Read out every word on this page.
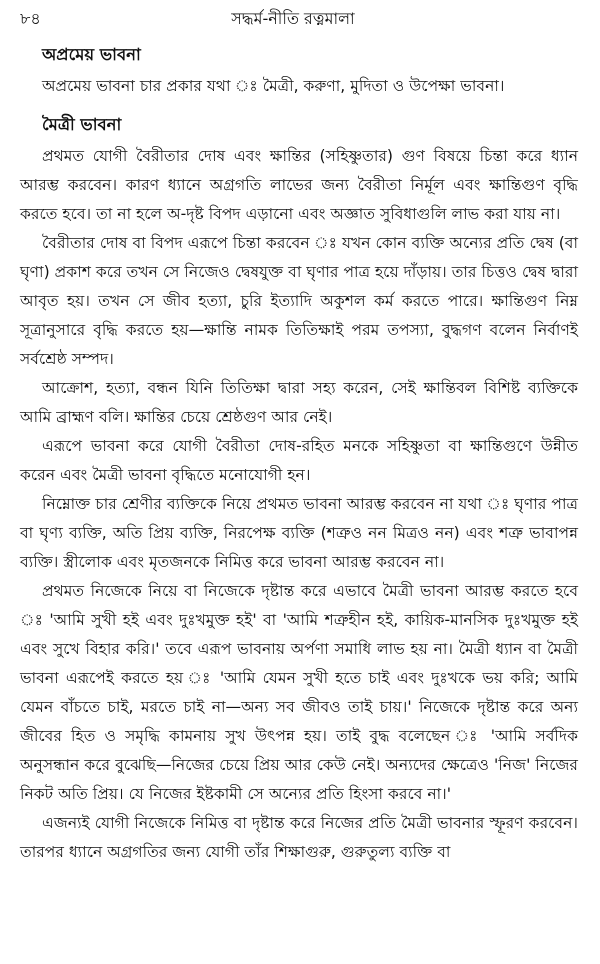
৮৪	সদ্ধর্ম-নীতি রত্নমালা
অপ্রমেয় ভাবনা

অপ্রমেয় ভাবনা চার প্রকার যথা ঃ মৈত্রী, করুণা, মুদিতা ও উপেক্ষা ভাবনা।

মৈত্রী ভাবনা

প্রথমত যোগী বৈরীতার দোষ এবং ক্ষান্তির (সহিষ্ণুতার) গুণ বিষয়ে চিন্তা করে ধ্যান আরম্ভ করবেন। কারণ ধ্যানে অগ্রগতি লাভের জন্য বৈরীতা নির্মূল এবং ক্ষান্তিগুণ বৃদ্ধি করতে হবে। তা না হলে অ-দৃষ্ট বিপদ এড়ানো এবং অজ্ঞাত সুবিধাগুলি লাভ করা যায় না।

বৈরীতার দোষ বা বিপদ এরূপে চিন্তা করবেন ঃ যখন কোন ব্যক্তি অন্যের প্রতি দ্বেষ (বা ঘৃণা) প্রকাশ করে তখন সে নিজেও দ্বেষযুক্ত বা ঘৃণার পাত্র হয়ে দাঁড়ায়। তার চিত্তও দ্বেষ দ্বারা আবৃত হয়। তখন সে জীব হত্যা, চুরি ইত্যাদি অকুশল কর্ম করতে পারে। ক্ষান্তিগুণ নিম্ন সূত্রানুসারে বৃদ্ধি করতে হয়—ক্ষান্তি নামক তিতিক্ষাই পরম তপস্যা, বুদ্ধগণ বলেন নির্বাণই সর্বশ্রেষ্ঠ সম্পদ।

আক্রোশ, হত্যা, বন্ধন যিনি তিতিক্ষা দ্বারা সহ্য করেন, সেই ক্ষান্তিবল বিশিষ্ট ব্যক্তিকে আমি ব্রাহ্মণ বলি। ক্ষান্তির চেয়ে শ্রেষ্ঠগুণ আর নেই।

এরূপে ভাবনা করে যোগী বৈরীতা দোষ-রহিত মনকে সহিষ্ণুতা বা ক্ষান্তিগুণে উন্নীত করেন এবং মৈত্রী ভাবনা বৃদ্ধিতে মনোযোগী হন।

নিম্নোক্ত চার শ্রেণীর ব্যক্তিকে নিয়ে প্রথমত ভাবনা আরম্ভ করবেন না যথা ঃ ঘৃণার পাত্র বা ঘৃণ্য ব্যক্তি, অতি প্রিয় ব্যক্তি, নিরপেক্ষ ব্যক্তি (শত্রুও নন মিত্রও নন) এবং শত্রু ভাবাপন্ন ব্যক্তি। স্ত্রীলোক এবং মৃতজনকে নিমিত্ত করে ভাবনা আরম্ভ করবেন না।

প্রথমত নিজেকে নিয়ে বা নিজেকে দৃষ্টান্ত করে এভাবে মৈত্রী ভাবনা আরম্ভ করতে হবে ঃ 'আমি সুখী হই এবং দুঃখমুক্ত হই' বা 'আমি শত্রুহীন হই, কায়িক-মানসিক দুঃখমুক্ত হই এবং সুখে বিহার করি।' তবে এরূপ ভাবনায় অর্পণা সমাধি লাভ হয় না। মৈত্রী ধ্যান বা মৈত্রী ভাবনা এরূপেই করতে হয় ঃ 'আমি যেমন সুখী হতে চাই এবং দুঃখকে ভয় করি; আমি যেমন বাঁচতে চাই, মরতে চাই না—অন্য সব জীবও তাই চায়।' নিজেকে দৃষ্টান্ত করে অন্য জীবের হিত ও সমৃদ্ধি কামনায় সুখ উৎপন্ন হয়। তাই বুদ্ধ বলেছেন ঃ 'আমি সর্বদিক অনুসন্ধান করে বুঝেছি—নিজের চেয়ে প্রিয় আর কেউ নেই। অন্যদের ক্ষেত্রেও 'নিজ' নিজের নিকট অতি প্রিয়। যে নিজের ইষ্টকামী সে অন্যের প্রতি হিংসা করবে না।'

এজন্যই যোগী নিজেকে নিমিত্ত বা দৃষ্টান্ত করে নিজের প্রতি মৈত্রী ভাবনার স্ফূরণ করবেন। তারপর ধ্যানে অগ্রগতির জন্য যোগী তাঁর শিক্ষাগুরু, গুরুতুল্য ব্যক্তি বা
